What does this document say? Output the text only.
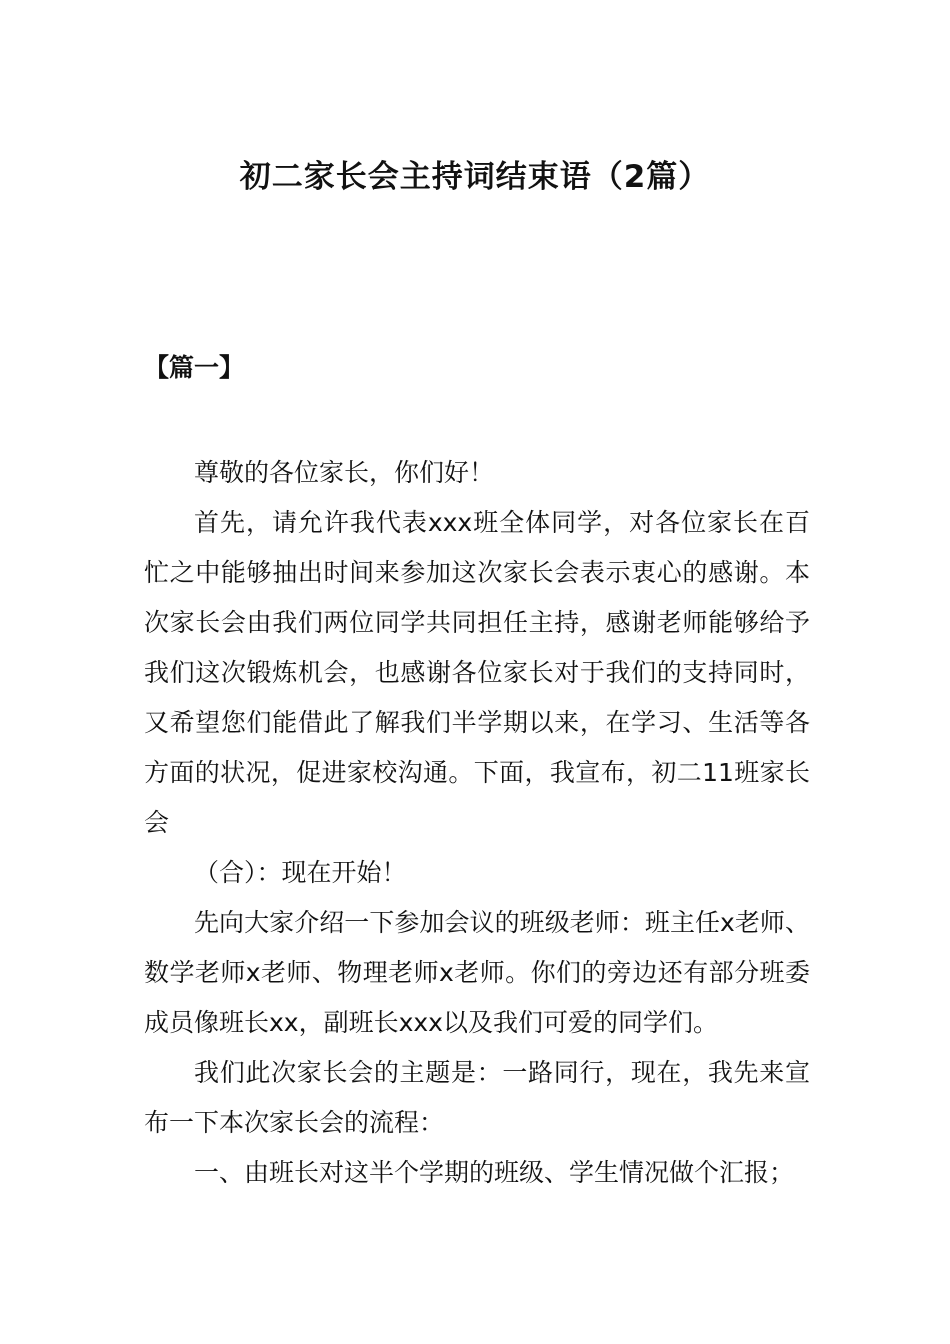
初二家长会主持词结束语（2篇）
【篇一】

尊敬的各位家长，你们好！

首先，请允许我代表xxx班全体同学，对各位家长在百忙之中能够抽出时间来参加这次家长会表示衷心的感谢。本次家长会由我们两位同学共同担任主持，感谢老师能够给予我们这次锻炼机会，也感谢各位家长对于我们的支持同时，又希望您们能借此了解我们半学期以来，在学习、生活等各方面的状况，促进家校沟通。下面，我宣布，初二11班家长会

（合）：现在开始！

先向大家介绍一下参加会议的班级老师：班主任x老师、数学老师x老师、物理老师x老师。你们的旁边还有部分班委成员像班长xx，副班长xxx以及我们可爱的同学们。

我们此次家长会的主题是：一路同行，现在，我先来宣布一下本次家长会的流程：

一、由班长对这半个学期的班级、学生情况做个汇报；
